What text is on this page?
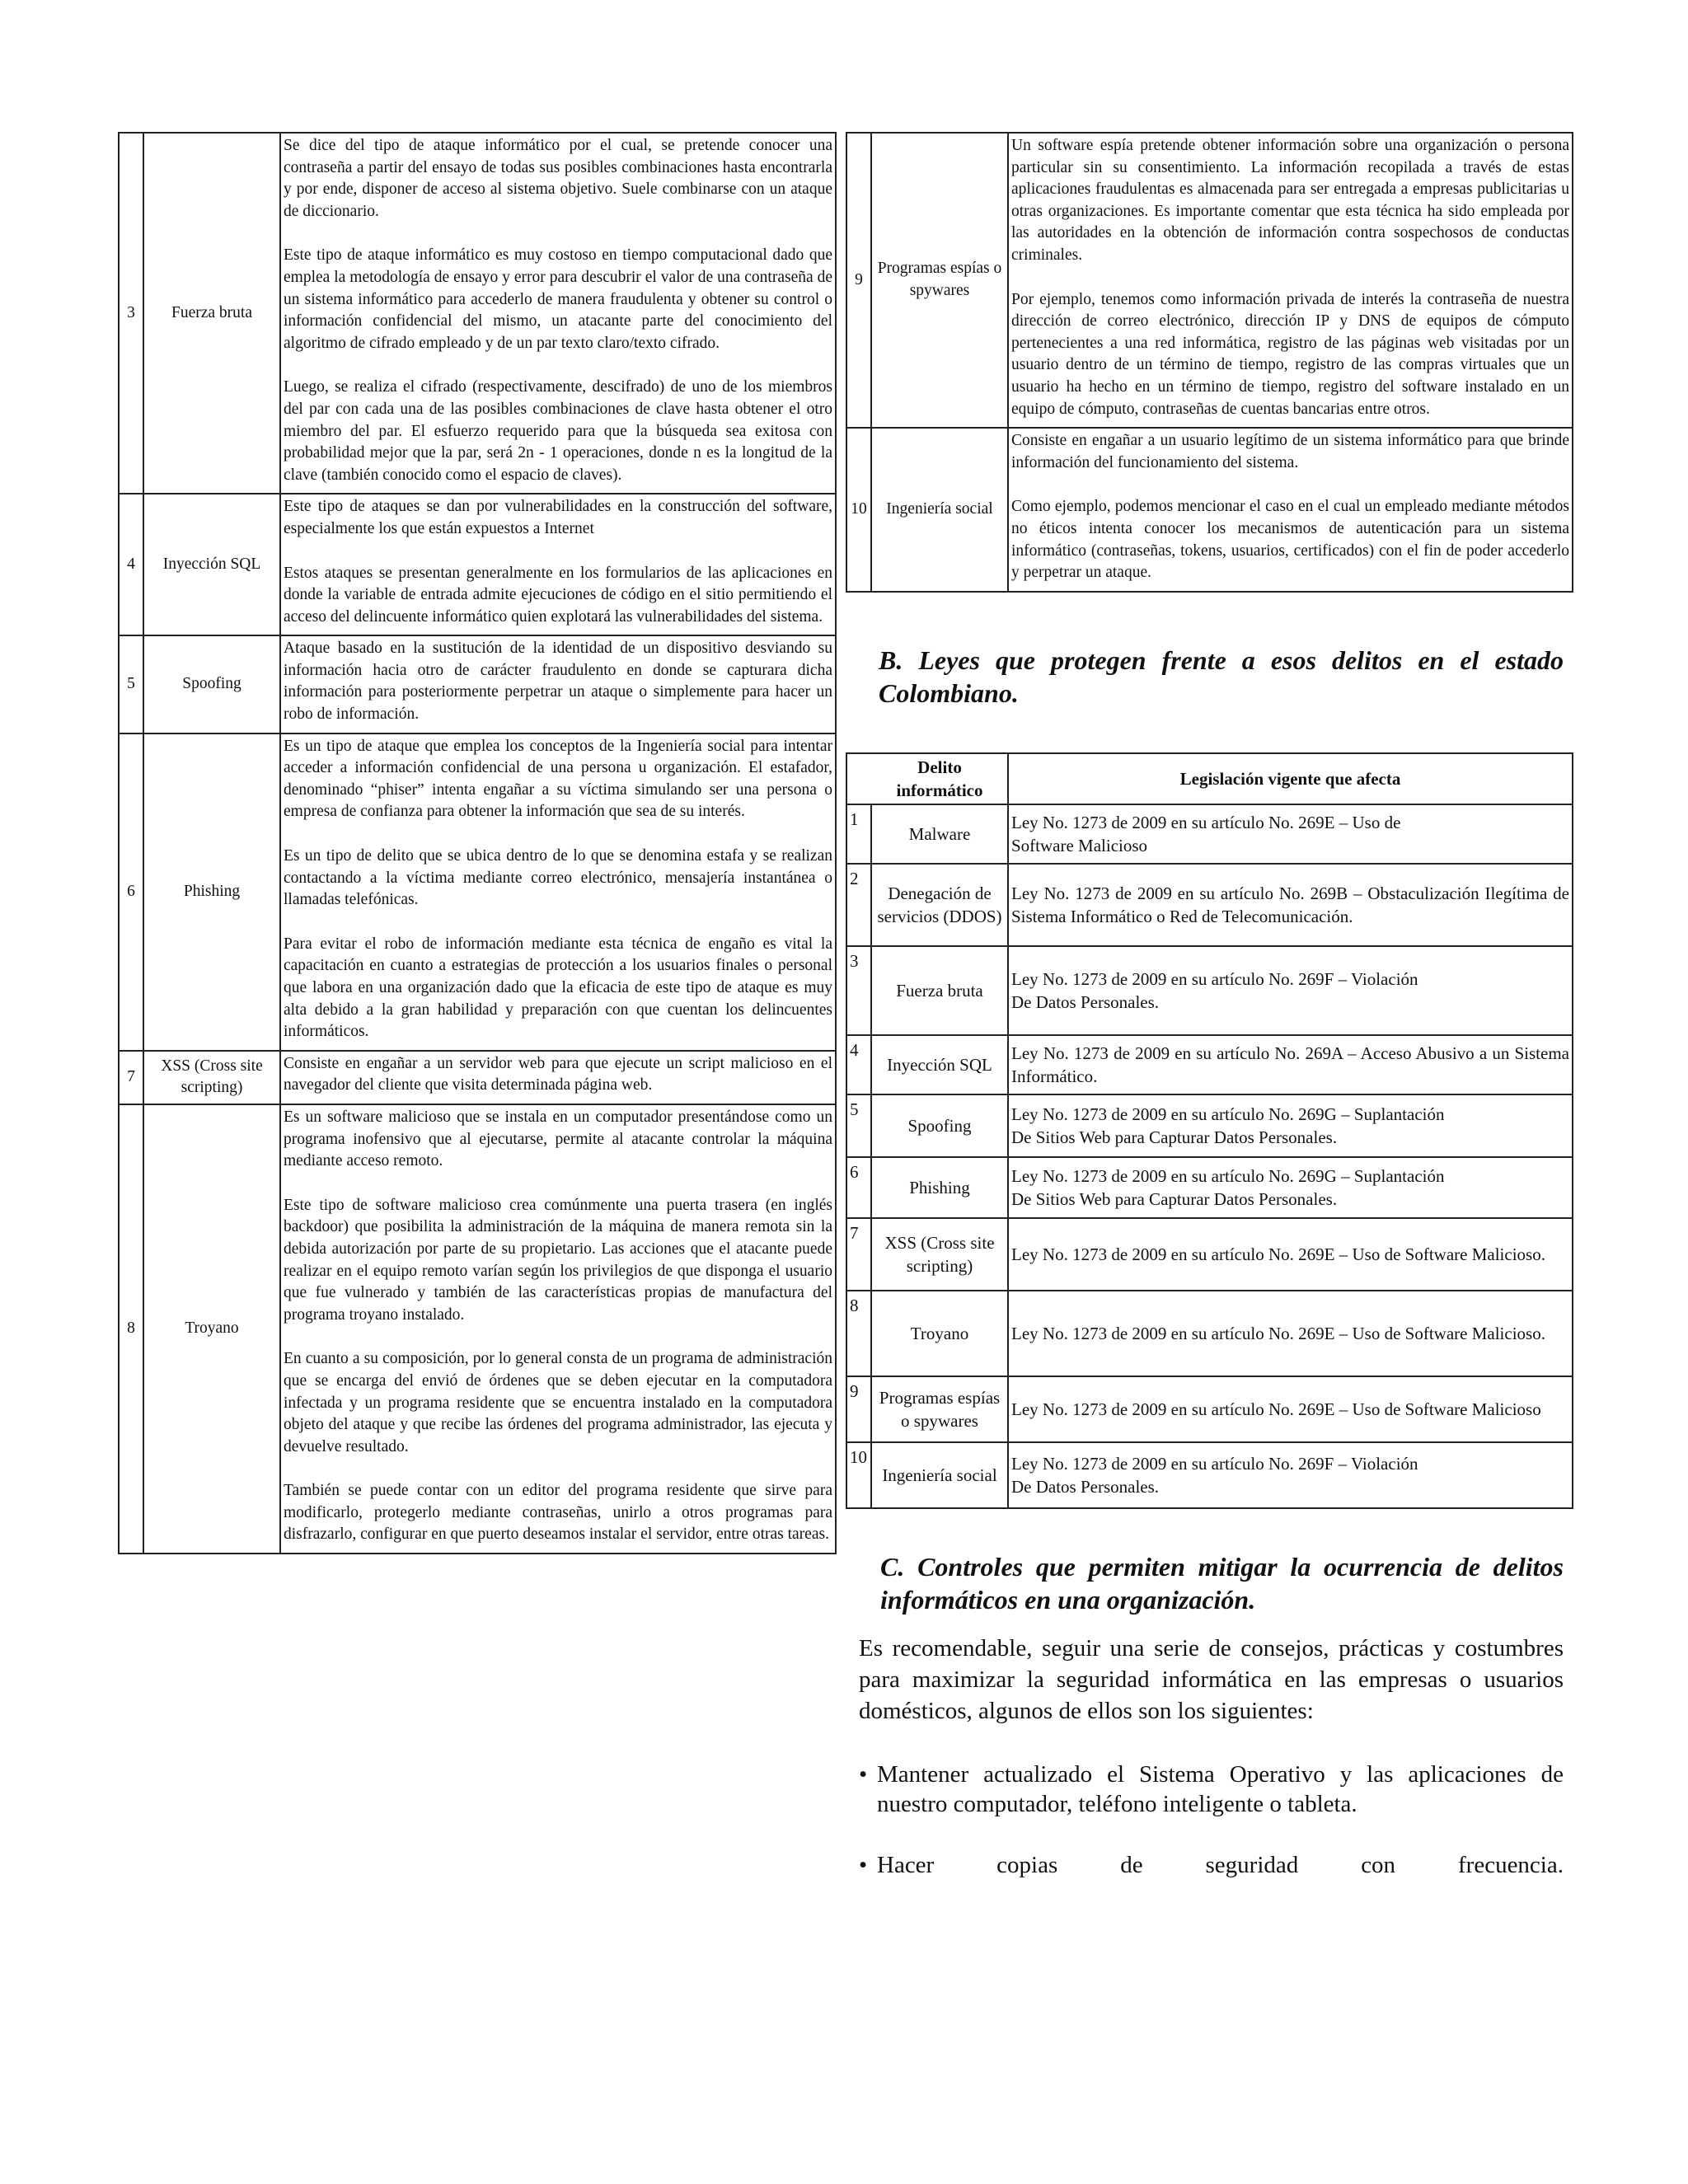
3	Fuerza bruta	Se dice del tipo de ataque informático por el cual, se pretende conocer una contraseña a partir del ensayo de todas sus posibles combinaciones hasta encontrarla y por ende, disponer de acceso al sistema objetivo. Suele combinarse con un ataque de diccionario.

Este tipo de ataque informático es muy costoso en tiempo computacional dado que emplea la metodología de ensayo y error para descubrir el valor de una contraseña de un sistema informático para accederlo de manera fraudulenta y obtener su control o información confidencial del mismo, un atacante parte del conocimiento del algoritmo de cifrado empleado y de un par texto claro/texto cifrado.

Luego, se realiza el cifrado (respectivamente, descifrado) de uno de los miembros del par con cada una de las posibles combinaciones de clave hasta obtener el otro miembro del par. El esfuerzo requerido para que la búsqueda sea exitosa con probabilidad mejor que la par, será 2n - 1 operaciones, donde n es la longitud de la clave (también conocido como el espacio de claves).

4	Inyección SQL	Este tipo de ataques se dan por vulnerabilidades en la construcción del software, especialmente los que están expuestos a Internet

Estos ataques se presentan generalmente en los formularios de las aplicaciones en donde la variable de entrada admite ejecuciones de código en el sitio permitiendo el acceso del delincuente informático quien explotará las vulnerabilidades del sistema.

5	Spoofing	Ataque basado en la sustitución de la identidad de un dispositivo desviando su información hacia otro de carácter fraudulento en donde se capturara dicha información para posteriormente perpetrar un ataque o simplemente para hacer un robo de información.

6	Phishing	Es un tipo de ataque que emplea los conceptos de la Ingeniería social para intentar acceder a información confidencial de una persona u organización. El estafador, denominado “phiser” intenta engañar a su víctima simulando ser una persona o empresa de confianza para obtener la información que sea de su interés.

Es un tipo de delito que se ubica dentro de lo que se denomina estafa y se realizan contactando a la víctima mediante correo electrónico, mensajería instantánea o llamadas telefónicas.

Para evitar el robo de información mediante esta técnica de engaño es vital la capacitación en cuanto a estrategias de protección a los usuarios finales o personal que labora en una organización dado que la eficacia de este tipo de ataque es muy alta debido a la gran habilidad y preparación con que cuentan los delincuentes informáticos.

7	XSS (Cross site scripting)	Consiste en engañar a un servidor web para que ejecute un script malicioso en el navegador del cliente que visita determinada página web.

8	Troyano	Es un software malicioso que se instala en un computador presentándose como un programa inofensivo que al ejecutarse, permite al atacante controlar la máquina mediante acceso remoto.

Este tipo de software malicioso crea comúnmente una puerta trasera (en inglés backdoor) que posibilita la administración de la máquina de manera remota sin la debida autorización por parte de su propietario. Las acciones que el atacante puede realizar en el equipo remoto varían según los privilegios de que disponga el usuario que fue vulnerado y también de las características propias de manufactura del programa troyano instalado.

En cuanto a su composición, por lo general consta de un programa de administración que se encarga del envió de órdenes que se deben ejecutar en la computadora infectada y un programa residente que se encuentra instalado en la computadora objeto del ataque y que recibe las órdenes del programa administrador, las ejecuta y devuelve resultado.

También se puede contar con un editor del programa residente que sirve para modificarlo, protegerlo mediante contraseñas, unirlo a otros programas para disfrazarlo, configurar en que puerto deseamos instalar el servidor, entre otras tareas.

9	Programas espías o spywares	Un software espía pretende obtener información sobre una organización o persona particular sin su consentimiento. La información recopilada a través de estas aplicaciones fraudulentas es almacenada para ser entregada a empresas publicitarias u otras organizaciones. Es importante comentar que esta técnica ha sido empleada por las autoridades en la obtención de información contra sospechosos de conductas criminales.

Por ejemplo, tenemos como información privada de interés la contraseña de nuestra dirección de correo electrónico, dirección IP y DNS de equipos de cómputo pertenecientes a una red informática, registro de las páginas web visitadas por un usuario dentro de un término de tiempo, registro de las compras virtuales que un usuario ha hecho en un término de tiempo, registro del software instalado en un equipo de cómputo, contraseñas de cuentas bancarias entre otros.

10	Ingeniería social	Consiste en engañar a un usuario legítimo de un sistema informático para que brinde información del funcionamiento del sistema.

Como ejemplo, podemos mencionar el caso en el cual un empleado mediante métodos no éticos intenta conocer los mecanismos de autenticación para un sistema informático (contraseñas, tokens, usuarios, certificados) con el fin de poder accederlo y perpetrar un ataque.

B. Leyes que protegen frente a esos delitos en el estado Colombiano.
Delito informático		Legislación vigente que afecta
1	Malware	Ley No. 1273 de 2009 en su artículo No. 269E – Uso de
Software Malicioso
2	Denegación de servicios (DDOS)	Ley No. 1273 de 2009 en su artículo No. 269B – Obstaculización Ilegítima de Sistema Informático o Red de Telecomunicación.
3	Fuerza bruta	Ley No. 1273 de 2009 en su artículo No. 269F – Violación
De Datos Personales.
4	Inyección SQL	Ley No. 1273 de 2009 en su artículo No. 269A – Acceso Abusivo a un Sistema Informático.
5	Spoofing	Ley No. 1273 de 2009 en su artículo No. 269G – Suplantación
De Sitios Web para Capturar Datos Personales.
6	Phishing	Ley No. 1273 de 2009 en su artículo No. 269G – Suplantación
De Sitios Web para Capturar Datos Personales.
7	XSS (Cross site scripting)	Ley No. 1273 de 2009 en su artículo No. 269E – Uso de Software Malicioso.
8	Troyano	Ley No. 1273 de 2009 en su artículo No. 269E – Uso de Software Malicioso.
9	Programas espías o spywares	Ley No. 1273 de 2009 en su artículo No. 269E – Uso de Software Malicioso
10	Ingeniería social	Ley No. 1273 de 2009 en su artículo No. 269F – Violación
De Datos Personales.
C. Controles que permiten mitigar la ocurrencia de delitos informáticos en una organización.
Es recomendable, seguir una serie de consejos, prácticas y costumbres para maximizar la seguridad informática en las empresas o usuarios domésticos, algunos de ellos son los siguientes:
• Mantener actualizado el Sistema Operativo y las aplicaciones de nuestro computador, teléfono inteligente o tableta.
• Hacer copias de seguridad con frecuencia.
